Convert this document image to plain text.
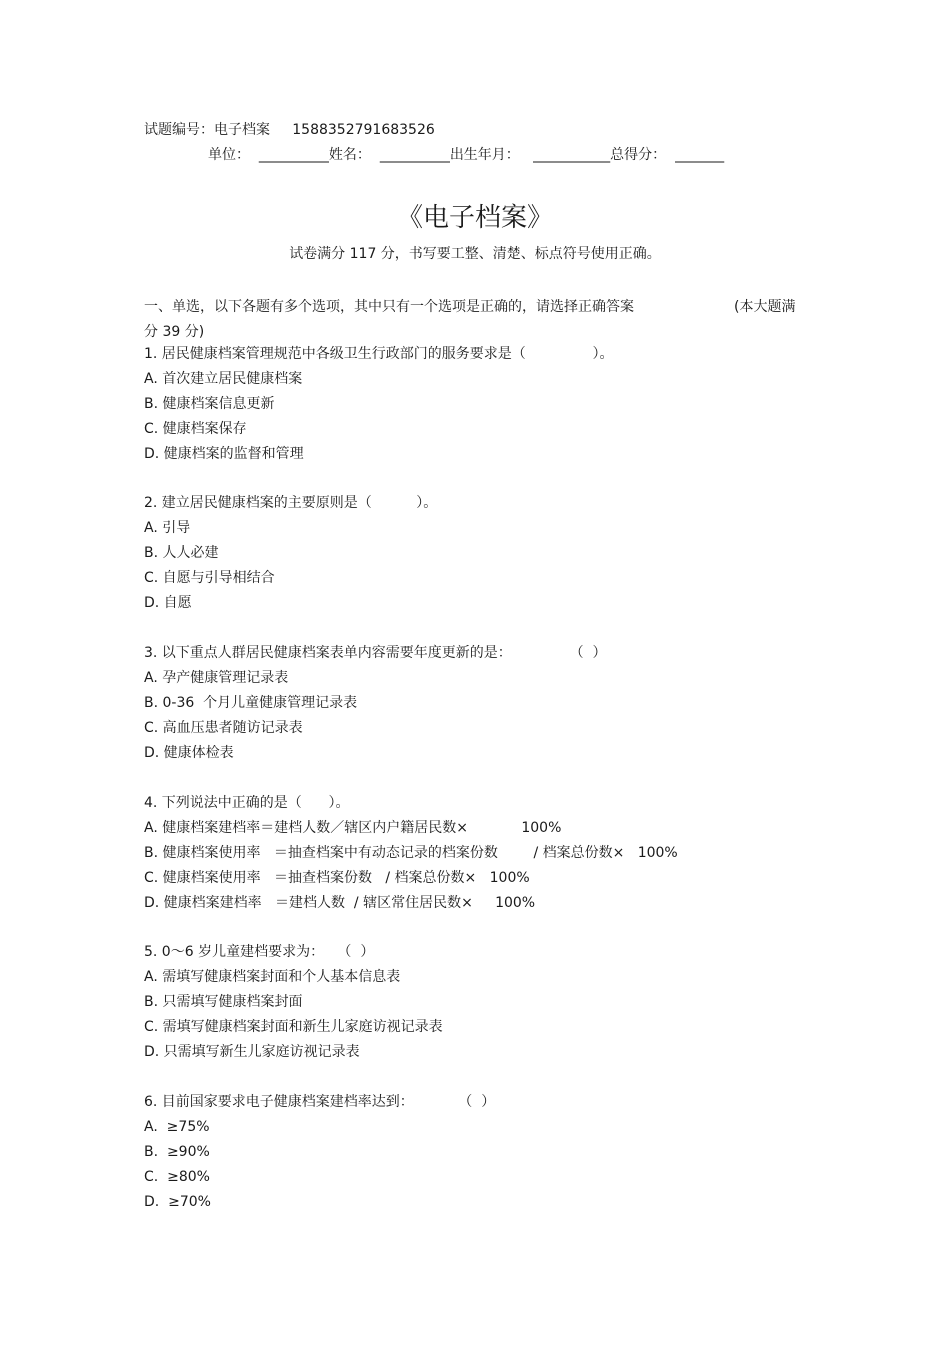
试题编号：电子档案 1588352791683526
单位： __________姓名： __________出生年月： ___________总得分： _______
《电子档案》
试卷满分 117 分，书写要工整、清楚、标点符号使用正确。
一、单选，以下各题有多个选项，其中只有一个选项是正确的，请选择正确答案
分 39 分)
(本大题满
1. 居民健康档案管理规范中各级卫生行政部门的服务要求是（               ）。
A. 首次建立居民健康档案
B. 健康档案信息更新
C. 健康档案保存
D. 健康档案的监督和管理
2. 建立居民健康档案的主要原则是（          ）。
A. 引导
B. 人人必建
C. 自愿与引导相结合
D. 自愿
3. 以下重点人群居民健康档案表单内容需要年度更新的是：             （  ）
A. 孕产健康管理记录表
B. 0-36  个月儿童健康管理记录表
C. 高血压患者随访记录表
D. 健康体检表
4. 下列说法中正确的是（      ）。
A. 健康档案建档率＝建档人数／辖区内户籍居民数×            100%
B. 健康档案使用率   ＝抽查档案中有动态记录的档案份数        / 档案总份数×   100%
C. 健康档案使用率   ＝抽查档案份数   / 档案总份数×   100%
D. 健康档案建档率   ＝建档人数  / 辖区常住居民数×     100%
5. 0～6 岁儿童建档要求为：   （  ）
A. 需填写健康档案封面和个人基本信息表
B. 只需填写健康档案封面
C. 需填写健康档案封面和新生儿家庭访视记录表
D. 只需填写新生儿家庭访视记录表
6. 目前国家要求电子健康档案建档率达到：          （  ）
A.  ≥75%
B.  ≥90%
C.  ≥80%
D.  ≥70%
